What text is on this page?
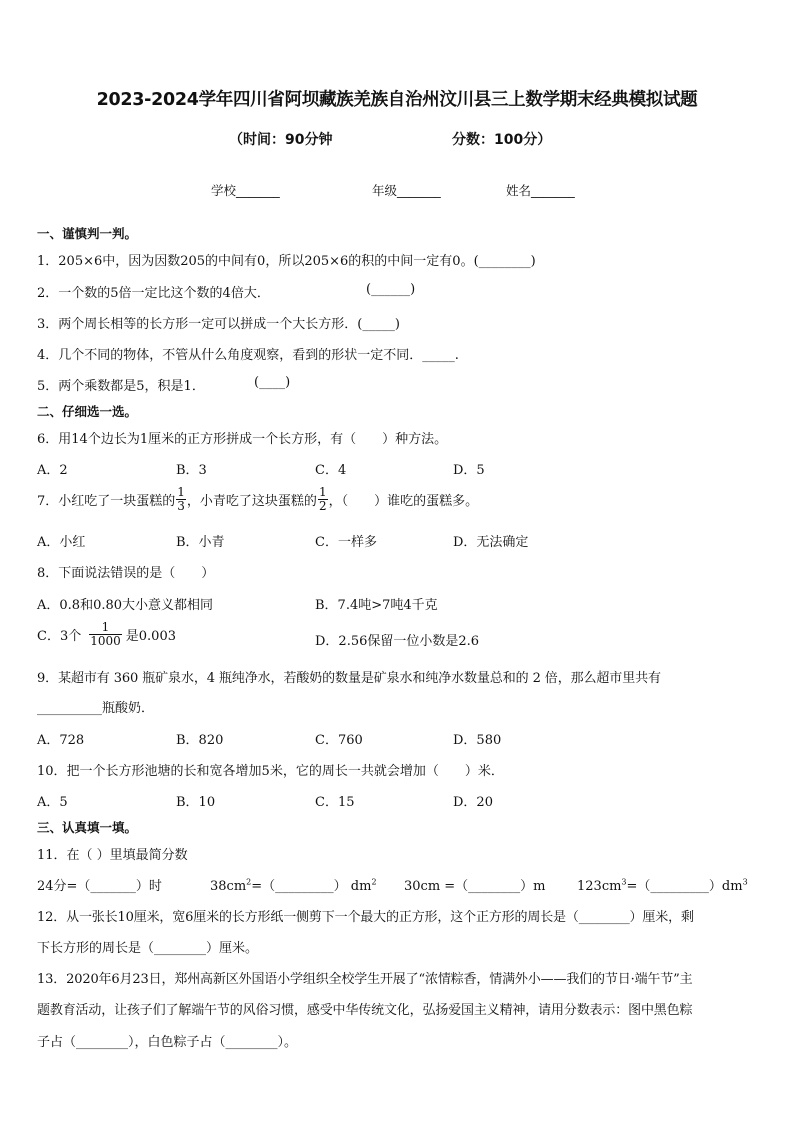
2023-2024学年四川省阿坝藏族羌族自治州汶川县三上数学期末经典模拟试题
（时间：90分钟	分数：100分）
学校_______	年级_______	姓名_______
一、谨慎判一判。
1．205×6中，因为因数205的中间有0，所以205×6的积的中间一定有0。(________)
2．一个数的5倍一定比这个数的4倍大．	(______)
3．两个周长相等的长方形一定可以拼成一个大长方形．(_____)
4．几个不同的物体，不管从什么角度观察，看到的形状一定不同．_____.
5．两个乘数都是5，积是1．	(____)
二、仔细选一选。
6．用14个边长为1厘米的正方形拼成一个长方形，有（　　）种方法。
A．2	B．3	C．4	D．5
7．小红吃了一块蛋糕的 $\frac{1}{3}$ ，小青吃了这块蛋糕的 $\frac{1}{2}$ ，（　　）谁吃的蛋糕多。
A．小红	B．小青	C．一样多	D．无法确定
8．下面说法错误的是（　　）
A．0.8和0.80大小意义都相同	B．7.4吨>7吨4千克
C．3个 $\frac{1}{1000}$ 是0.003	D．2.56保留一位小数是2.6
9．某超市有 360 瓶矿泉水，4 瓶纯净水，若酸奶的数量是矿泉水和纯净水数量总和的 2 倍，那么超市里共有
__________瓶酸奶．
A．728	B．820	C．760	D．580
10．把一个长方形池塘的长和宽各增加5米，它的周长一共就会增加（　　）米．
A．5	B．10	C．15	D．20
三、认真填一填。
11．在（ ）里填最简分数
24分=（_______）时	$38cm^2=(\_\_\_\_\_\_\_\_\_)$ $dm^2$ 30cm =（________）m $123cm^3=(\_\_\_\_\_\_\_\_\_)dm^3$
12．从一张长10厘米，宽6厘米的长方形纸一侧剪下一个最大的正方形，这个正方形的周长是（________）厘米，剩
下长方形的周长是（________）厘米。
13．2020年6月23日，郑州高新区外国语小学组织全校学生开展了“浓情粽香，情满外小——我们的节日·端午节”主
题教育活动，让孩子们了解端午节的风俗习惯，感受中华传统文化，弘扬爱国主义精神，请用分数表示：图中黑色粽
子占（________），白色粽子占（________）。
